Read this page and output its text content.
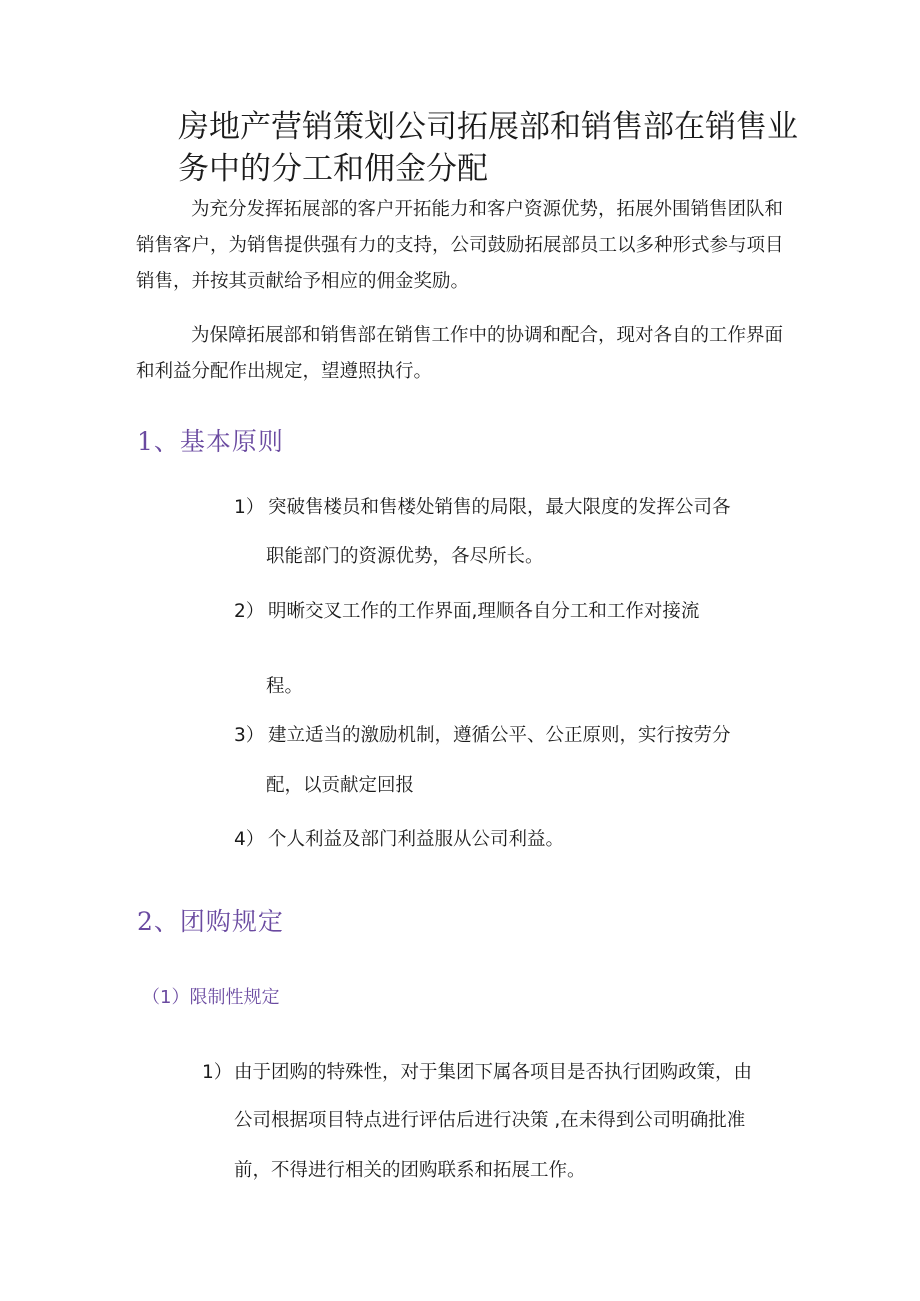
房地产营销策划公司拓展部和销售部在销售业务中的分工和佣金分配

为充分发挥拓展部的客户开拓能力和客户资源优势，拓展外围销售团队和销售客户，为销售提供强有力的支持，公司鼓励拓展部员工以多种形式参与项目销售，并按其贡献给予相应的佣金奖励。

为保障拓展部和销售部在销售工作中的协调和配合，现对各自的工作界面和利益分配作出规定，望遵照执行。

1、基本原则
1） 突破售楼员和售楼处销售的局限，最大限度的发挥公司各
职能部门的资源优势，各尽所长。
2） 明晰交叉工作的工作界面,理顺各自分工和工作对接流
程。
3） 建立适当的激励机制，遵循公平、公正原则，实行按劳分
配，以贡献定回报
4） 个人利益及部门利益服从公司利益。
2、团购规定
（1）限制性规定
1） 由于团购的特殊性，对于集团下属各项目是否执行团购政策，由
公司根据项目特点进行评估后进行决策 ,在未得到公司明确批准
前，不得进行相关的团购联系和拓展工作。
